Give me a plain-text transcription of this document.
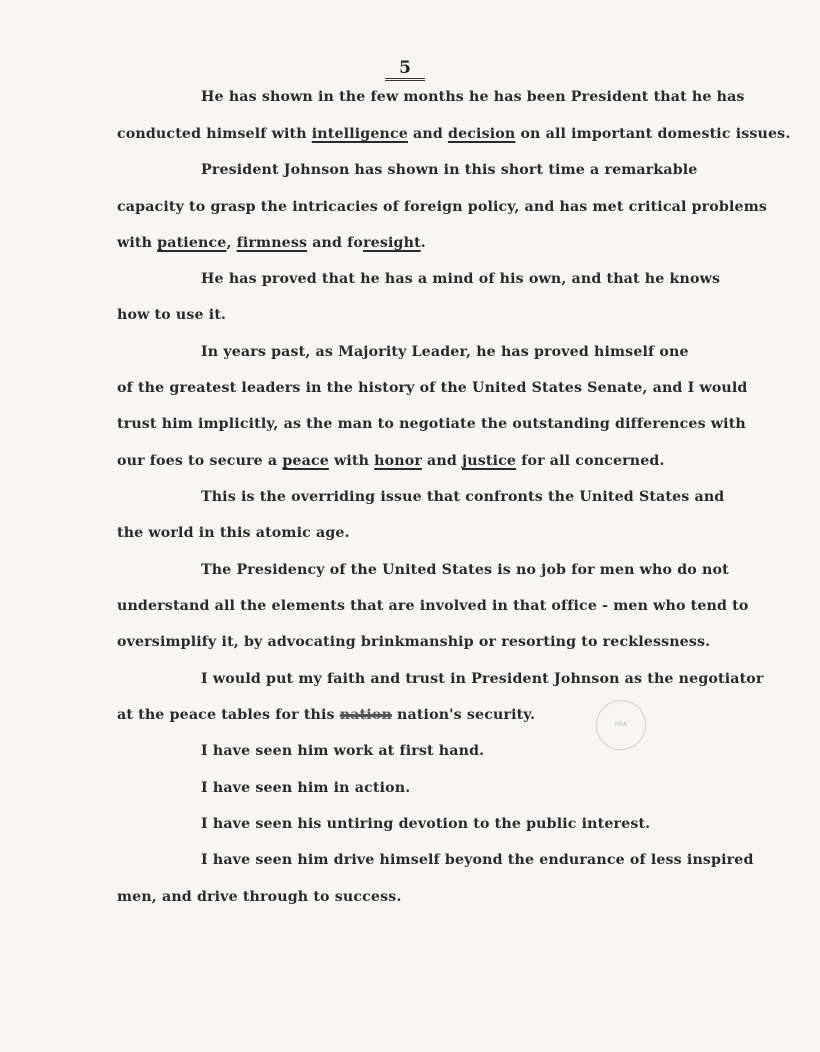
5
He has shown in the few months he has been President that he has
conducted himself with intelligence and decision on all important domestic issues.
President Johnson has shown in this short time a remarkable
capacity to grasp the intricacies of foreign policy, and has met critical problems
with patience, firmness and foresight.
He has proved that he has a mind of his own, and that he knows
how to use it.
In years past, as Majority Leader, he has proved himself one
of the greatest leaders in the history of the United States Senate, and I would
trust him implicitly, as the man to negotiate the outstanding differences with
our foes to secure a peace with honor and justice for all concerned.
This is the overriding issue that confronts the United States and
the world in this atomic age.
The Presidency of the United States is no job for men who do not
understand all the elements that are involved in that office - men who tend to
oversimplify it, by advocating brinkmanship or resorting to recklessness.
I would put my faith and trust in President Johnson as the negotiator
at the peace tables for this nation nation's security.
I have seen him work at first hand.
I have seen him in action.
I have seen his untiring devotion to the public interest.
I have seen him drive himself beyond the endurance of less inspired
men, and drive through to success.
NRA
